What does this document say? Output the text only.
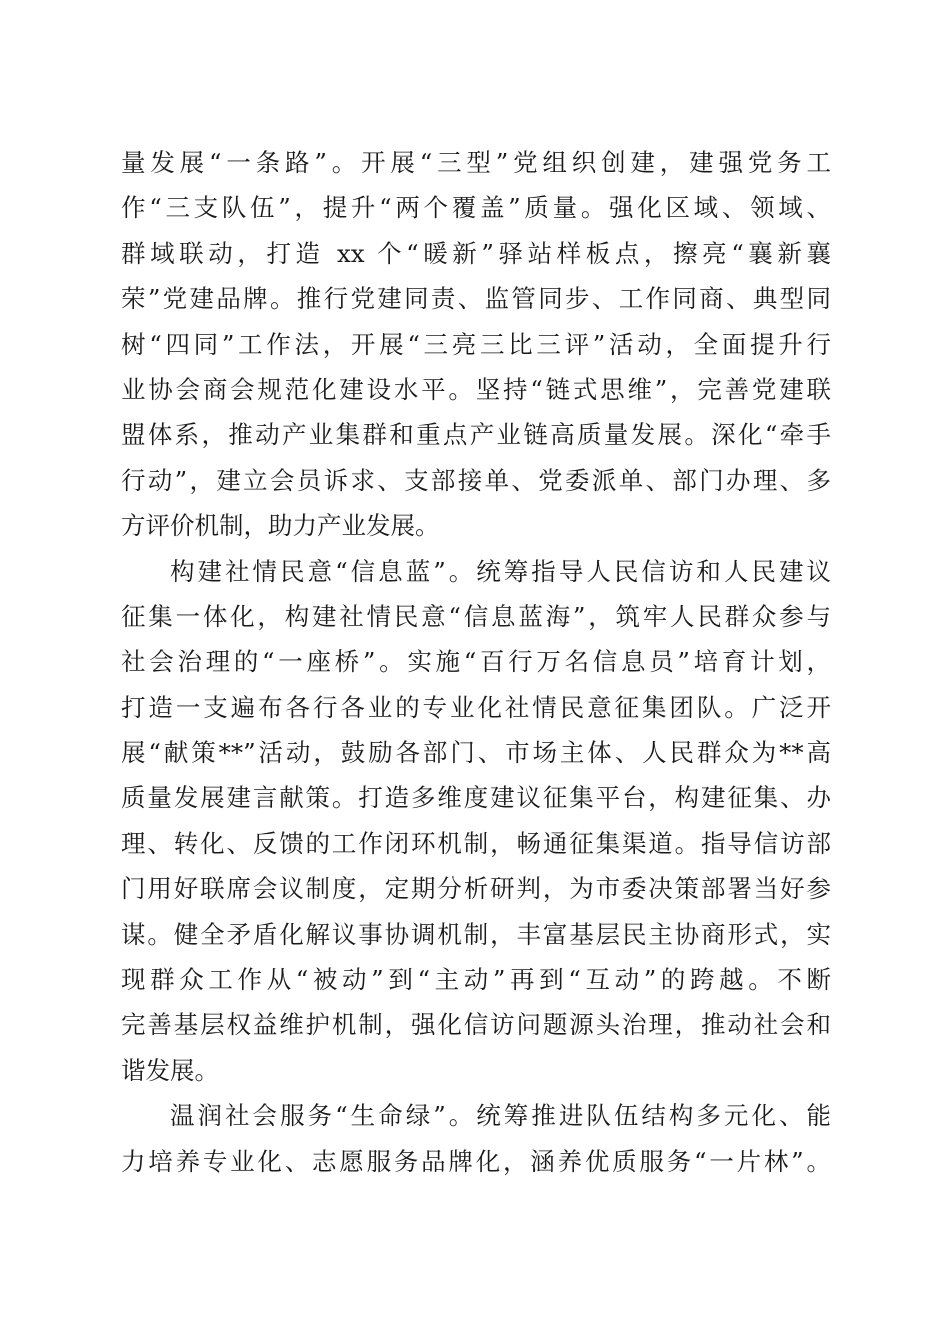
量发展“一条路”。开展“三型”党组织创建，建强党务工
作“三支队伍”，提升“两个覆盖”质量。强化区域、领域、
群域联动，打造 xx 个“暖新”驿站样板点，擦亮“襄新襄
荣”党建品牌。推行党建同责、监管同步、工作同商、典型同
树“四同”工作法，开展“三亮三比三评”活动，全面提升行
业协会商会规范化建设水平。坚持“链式思维”，完善党建联
盟体系，推动产业集群和重点产业链高质量发展。深化“牵手
行动”，建立会员诉求、支部接单、党委派单、部门办理、多
方评价机制，助力产业发展。
构建社情民意“信息蓝”。统筹指导人民信访和人民建议
征集一体化，构建社情民意“信息蓝海”，筑牢人民群众参与
社会治理的“一座桥”。实施“百行万名信息员”培育计划，
打造一支遍布各行各业的专业化社情民意征集团队。广泛开
展“献策**”活动，鼓励各部门、市场主体、人民群众为**高
质量发展建言献策。打造多维度建议征集平台，构建征集、办
理、转化、反馈的工作闭环机制，畅通征集渠道。指导信访部
门用好联席会议制度，定期分析研判，为市委决策部署当好参
谋。健全矛盾化解议事协调机制，丰富基层民主协商形式，实
现群众工作从“被动”到“主动”再到“互动”的跨越。不断
完善基层权益维护机制，强化信访问题源头治理，推动社会和
谐发展。
温润社会服务“生命绿”。统筹推进队伍结构多元化、能
力培养专业化、志愿服务品牌化，涵养优质服务“一片林”。
